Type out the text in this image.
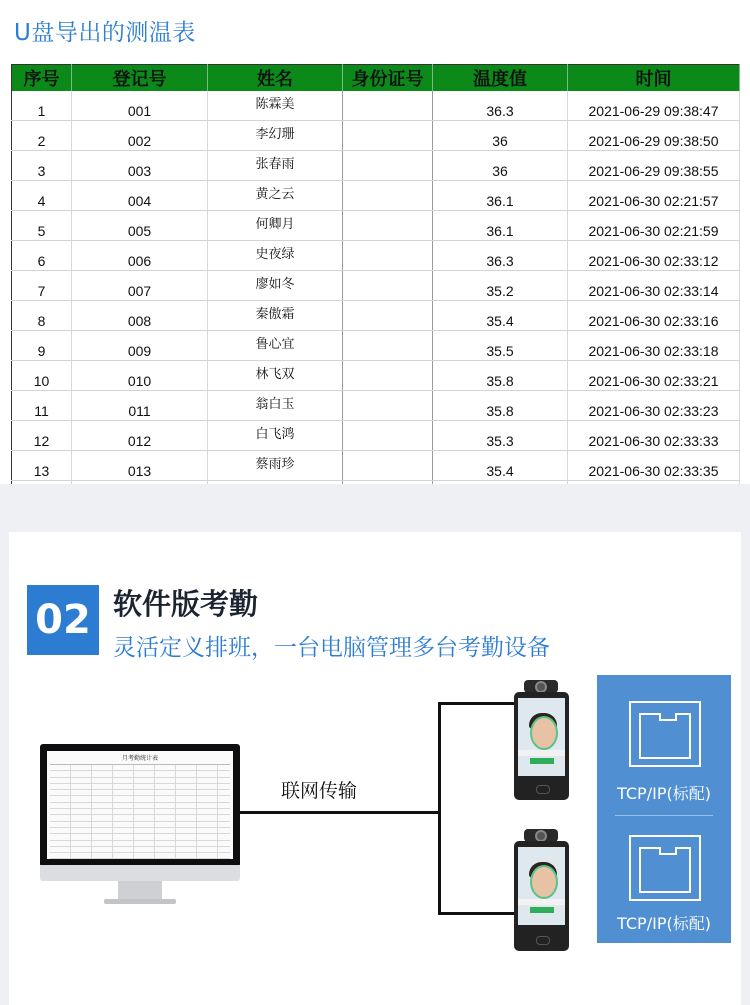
U盘导出的测温表
序号	登记号	姓名	身份证号	温度值	时间
1	001	陈霖美		36.3	2021-06-29 09:38:47
2	002	李幻珊		36	2021-06-29 09:38:50
3	003	张春雨		36	2021-06-29 09:38:55
4	004	黄之云		36.1	2021-06-30 02:21:57
5	005	何卿月		36.1	2021-06-30 02:21:59
6	006	史夜绿		36.3	2021-06-30 02:33:12
7	007	廖如冬		35.2	2021-06-30 02:33:14
8	008	秦傲霜		35.4	2021-06-30 02:33:16
9	009	鲁心宜		35.5	2021-06-30 02:33:18
10	010	林飞双		35.8	2021-06-30 02:33:21
11	011	翁白玉		35.8	2021-06-30 02:33:23
12	012	白飞鸿		35.3	2021-06-30 02:33:33
13	013	蔡雨珍		35.4	2021-06-30 02:33:35

02 软件版考勤
灵活定义排班，一台电脑管理多台考勤设备
月考勤统计表
联网传输	TCP/IP(标配)
TCP/IP(标配)
